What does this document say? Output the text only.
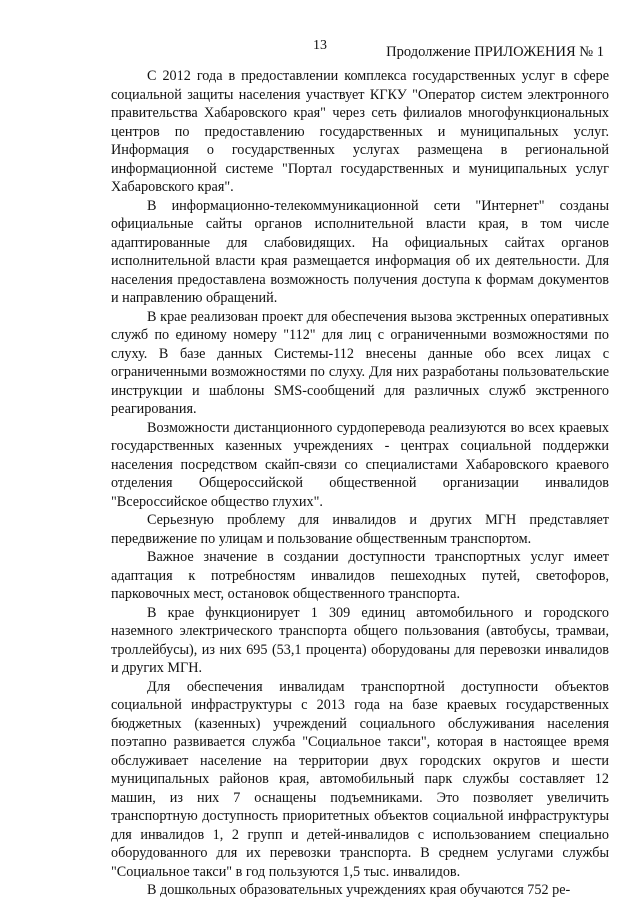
13	Продолжение ПРИЛОЖЕНИЯ № 1

С 2012 года в предоставлении комплекса государственных услуг в сфере социальной защиты населения участвует КГКУ "Оператор систем электронного правительства Хабаровского края" через сеть филиалов многофункциональных центров по предоставлению государственных и муниципальных услуг. Информация о государственных услугах размещена в региональной информационной системе "Портал государственных и муниципальных услуг Хабаровского края".

В информационно-телекоммуникационной сети "Интернет" созданы официальные сайты органов исполнительной власти края, в том числе адаптированные для слабовидящих. На официальных сайтах органов исполнительной власти края размещается информация об их деятельности. Для населения предоставлена возможность получения доступа к формам документов и направлению обращений.

В крае реализован проект для обеспечения вызова экстренных оперативных служб по единому номеру "112" для лиц с ограниченными возможностями по слуху. В базе данных Системы-112 внесены данные обо всех лицах с ограниченными возможностями по слуху. Для них разработаны пользовательские инструкции и шаблоны SMS-сообщений для различных служб экстренного реагирования.

Возможности дистанционного сурдоперевода реализуются во всех краевых государственных казенных учреждениях - центрах социальной поддержки населения посредством скайп-связи со специалистами Хабаровского краевого отделения Общероссийской общественной организации инвалидов "Всероссийское общество глухих".

Серьезную проблему для инвалидов и других МГН представляет передвижение по улицам и пользование общественным транспортом.

Важное значение в создании доступности транспортных услуг имеет адаптация к потребностям инвалидов пешеходных путей, светофоров, парковочных мест, остановок общественного транспорта.

В крае функционирует 1 309 единиц автомобильного и городского наземного электрического транспорта общего пользования (автобусы, трамваи, троллейбусы), из них 695 (53,1 процента) оборудованы для перевозки инвалидов и других МГН.

Для обеспечения инвалидам транспортной доступности объектов социальной инфраструктуры с 2013 года на базе краевых государственных бюджетных (казенных) учреждений социального обслуживания населения поэтапно развивается служба "Социальное такси", которая в настоящее время обслуживает население на территории двух городских округов и шести муниципальных районов края, автомобильный парк службы составляет 12 машин, из них 7 оснащены подъемниками. Это позволяет увеличить транспортную доступность приоритетных объектов социальной инфраструктуры для инвалидов 1, 2 групп и детей-инвалидов с использованием специально оборудованного для их перевозки транспорта. В среднем услугами службы "Социальное такси" в год пользуются 1,5 тыс. инвалидов.

В дошкольных образовательных учреждениях края обучаются 752 ре-
